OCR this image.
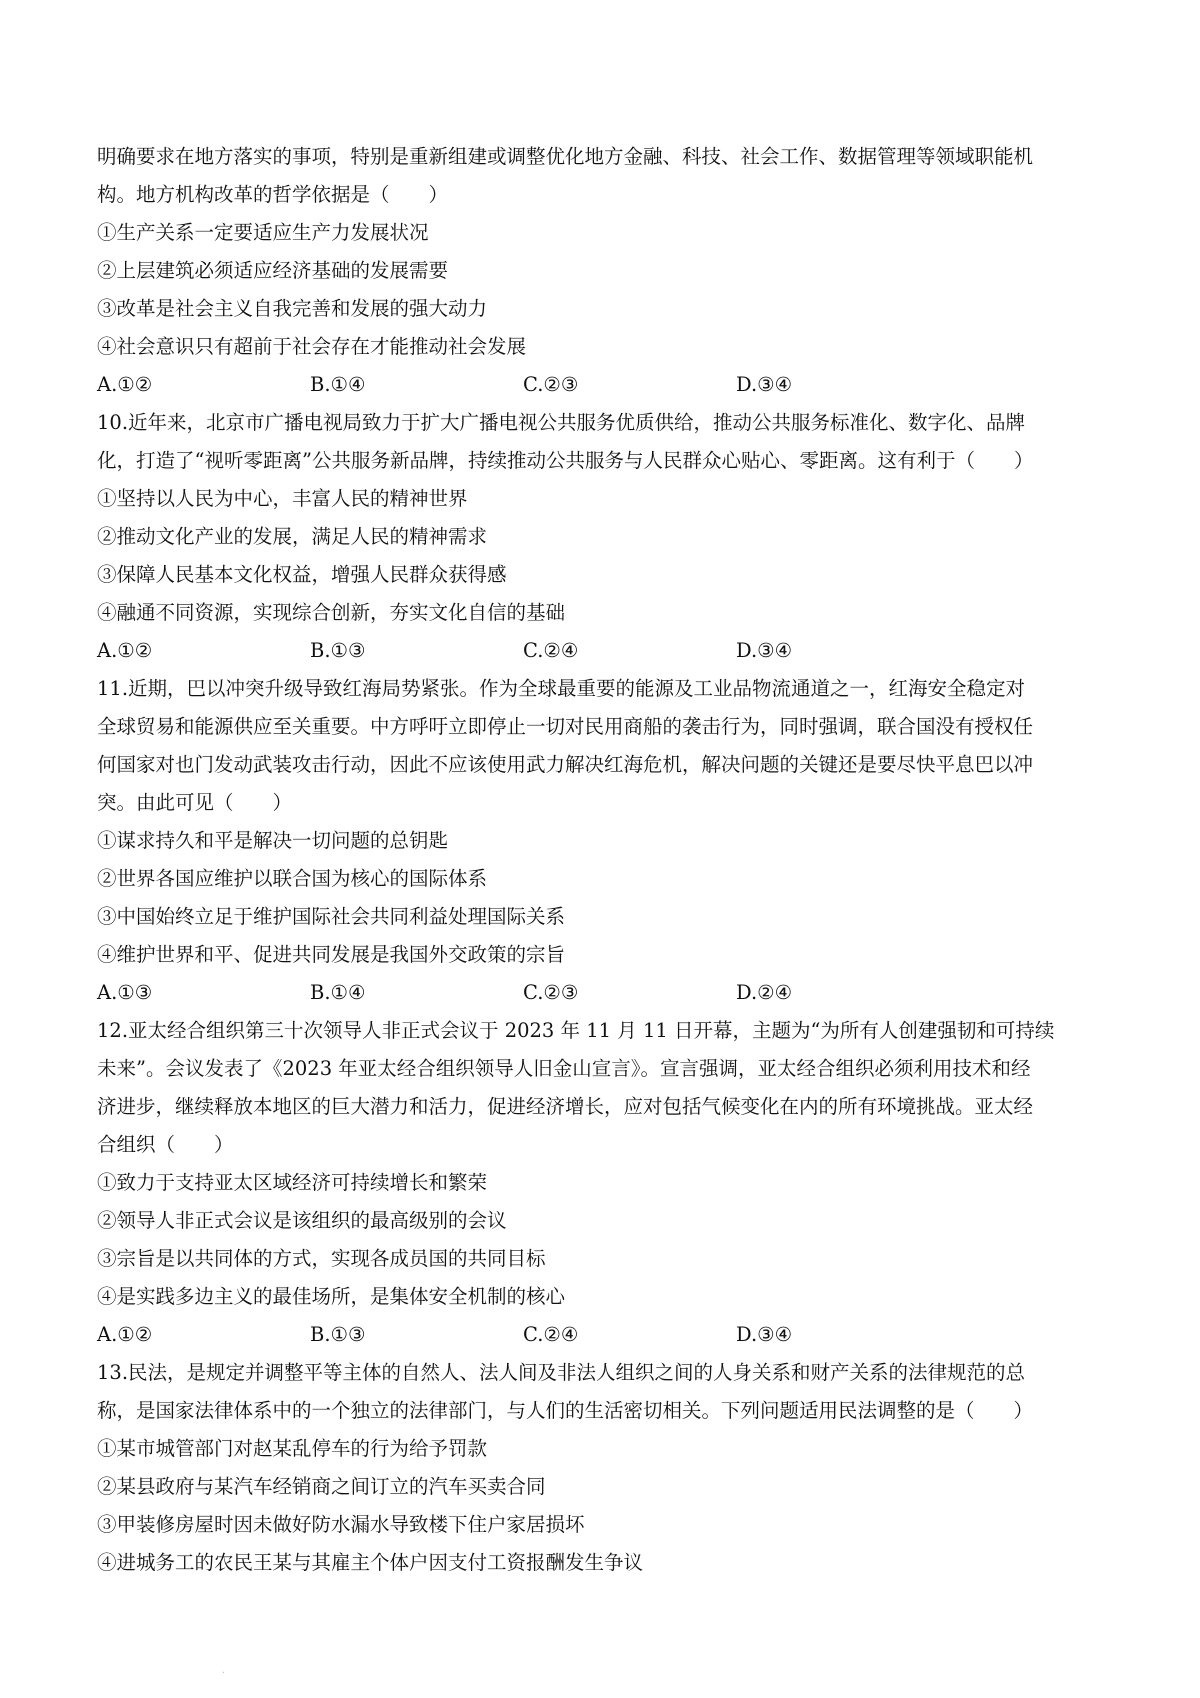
明确要求在地方落实的事项，特别是重新组建或调整优化地方金融、科技、社会工作、数据管理等领域职能机
构。地方机构改革的哲学依据是（　　）
①生产关系一定要适应生产力发展状况
②上层建筑必须适应经济基础的发展需要
③改革是社会主义自我完善和发展的强大动力
④社会意识只有超前于社会存在才能推动社会发展
A.①②	B.①④	C.②③	D.③④
10.近年来，北京市广播电视局致力于扩大广播电视公共服务优质供给，推动公共服务标准化、数字化、品牌
化，打造了“视听零距离”公共服务新品牌，持续推动公共服务与人民群众心贴心、零距离。这有利于（　　）
①坚持以人民为中心，丰富人民的精神世界
②推动文化产业的发展，满足人民的精神需求
③保障人民基本文化权益，增强人民群众获得感
④融通不同资源，实现综合创新，夯实文化自信的基础
A.①②	B.①③	C.②④	D.③④
11.近期，巴以冲突升级导致红海局势紧张。作为全球最重要的能源及工业品物流通道之一，红海安全稳定对
全球贸易和能源供应至关重要。中方呼吁立即停止一切对民用商船的袭击行为，同时强调，联合国没有授权任
何国家对也门发动武装攻击行动，因此不应该使用武力解决红海危机，解决问题的关键还是要尽快平息巴以冲
突。由此可见（　　）
①谋求持久和平是解决一切问题的总钥匙
②世界各国应维护以联合国为核心的国际体系
③中国始终立足于维护国际社会共同利益处理国际关系
④维护世界和平、促进共同发展是我国外交政策的宗旨
A.①③	B.①④	C.②③	D.②④
12.亚太经合组织第三十次领导人非正式会议于 2023 年 11 月 11 日开幕，主题为“为所有人创建强韧和可持续
未来”。会议发表了《2023 年亚太经合组织领导人旧金山宣言》。宣言强调，亚太经合组织必须利用技术和经
济进步，继续释放本地区的巨大潜力和活力，促进经济增长，应对包括气候变化在内的所有环境挑战。亚太经
合组织（　　）
①致力于支持亚太区域经济可持续增长和繁荣
②领导人非正式会议是该组织的最高级别的会议
③宗旨是以共同体的方式，实现各成员国的共同目标
④是实践多边主义的最佳场所，是集体安全机制的核心
A.①②	B.①③	C.②④	D.③④
13.民法，是规定并调整平等主体的自然人、法人间及非法人组织之间的人身关系和财产关系的法律规范的总
称，是国家法律体系中的一个独立的法律部门，与人们的生活密切相关。下列问题适用民法调整的是（　　）
①某市城管部门对赵某乱停车的行为给予罚款
②某县政府与某汽车经销商之间订立的汽车买卖合同
③甲装修房屋时因未做好防水漏水导致楼下住户家居损坏
④进城务工的农民王某与其雇主个体户因支付工资报酬发生争议
·
